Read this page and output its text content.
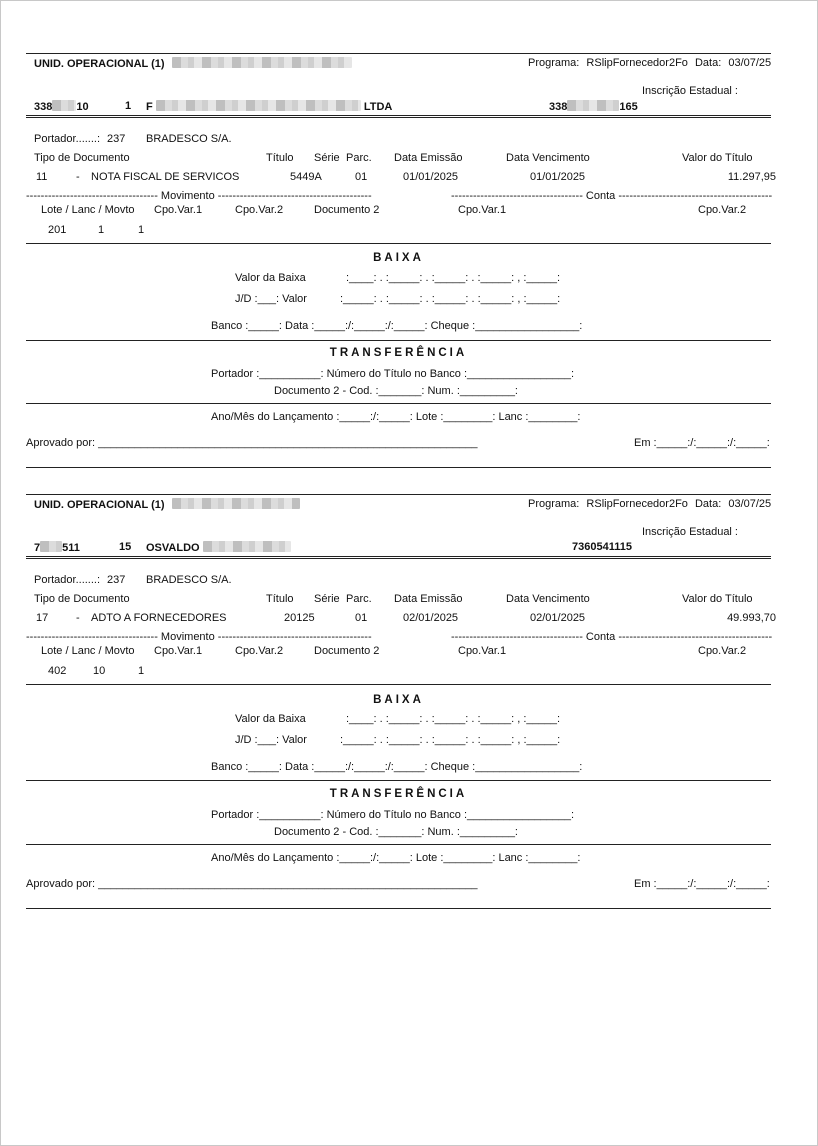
UNID. OPERACIONAL (1)	Programa: RSlipFornecedor2Fo Data: 03/07/25
Inscrição Estadual :
338 10	1 F	LTDA	338	165
Portador.......: 237 BRADESCO S/A.
Tipo de Documento	Título Série Parc. Data Emissão	Data Vencimento	Valor do Título
11	- NOTA FISCAL DE SERVICOS	5449A	01	01/01/2025	01/01/2025	11.297,95
------------------------------------ Movimento ------------------------------------------	------------------------------------ Conta ------------------------------------------
Lote / Lanc / Movto Cpo.Var.1	Cpo.Var.2	Documento 2	Cpo.Var.1	Cpo.Var.2
201	1	1
BAIXA
Valor da Baixa	:____: . :_____: . :_____: . :_____: , :_____:
J/D :___: Valor	:_____: . :_____: . :_____: . :_____: , :_____:
Banco :_____: Data :_____:/:_____:/:_____: Cheque :_________________:
TRANSFERÊNCIA
Portador :__________: Número do Título no Banco :_________________:
Documento 2 - Cod. :_______: Num. :_________:
Ano/Mês do Lançamento :_____:/:_____: Lote :________: Lanc :________:
Aprovado por: ______________________________________________________________	Em :_____:/:_____:/:_____:
UNID. OPERACIONAL (1)	Programa: RSlipFornecedor2Fo Data: 03/07/25
Inscrição Estadual :
7 511	15 OSVALDO	7360541115
Portador.......: 237 BRADESCO S/A.
Tipo de Documento	Título Série Parc. Data Emissão	Data Vencimento	Valor do Título
17	- ADTO A FORNECEDORES	20125	01	02/01/2025	02/01/2025	49.993,70
------------------------------------ Movimento ------------------------------------------	------------------------------------ Conta ------------------------------------------
Lote / Lanc / Movto Cpo.Var.1	Cpo.Var.2	Documento 2	Cpo.Var.1	Cpo.Var.2
402 10	1
BAIXA
Valor da Baixa	:____: . :_____: . :_____: . :_____: , :_____:
J/D :___: Valor	:_____: . :_____: . :_____: . :_____: , :_____:
Banco :_____: Data :_____:/:_____:/:_____: Cheque :_________________:
TRANSFERÊNCIA
Portador :__________: Número do Título no Banco :_________________:
Documento 2 - Cod. :_______: Num. :_________:
Ano/Mês do Lançamento :_____:/:_____: Lote :________: Lanc :________:
Aprovado por: ______________________________________________________________	Em :_____:/:_____:/:_____:
